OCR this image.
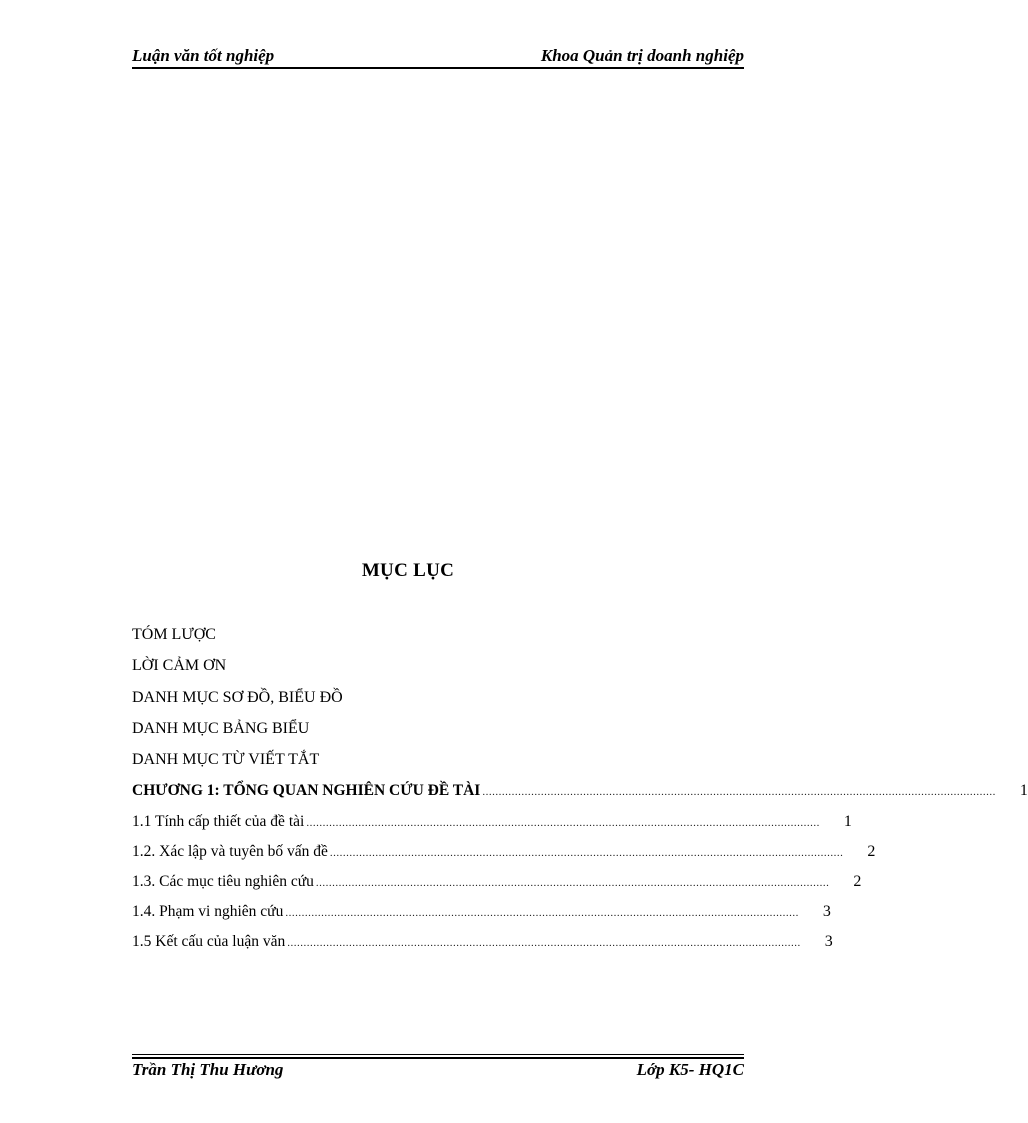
Luận văn tốt nghiệp	Khoa Quản trị doanh nghiệp
MỤC LỤC
TÓM LƯỢC
LỜI CẢM ƠN
DANH MỤC SƠ ĐỒ, BIỂU ĐỒ
DANH MỤC BẢNG BIỂU
DANH MỤC TỪ VIẾT TẮT
CHƯƠNG 1: TỔNG QUAN NGHIÊN CỨU ĐỀ TÀI ..............................................................................................................................................................	1
1.1 Tính cấp thiết của đề tài ..............................................................................................................................................................	1
1.2. Xác lập và tuyên bố vấn đề ..............................................................................................................................................................	2
1.3. Các mục tiêu nghiên cứu ..............................................................................................................................................................	2
1.4. Phạm vi nghiên cứu ..............................................................................................................................................................	3
1.5 Kết cấu của luận văn ..............................................................................................................................................................	3
Trần Thị Thu Hương	Lớp K5- HQ1C
